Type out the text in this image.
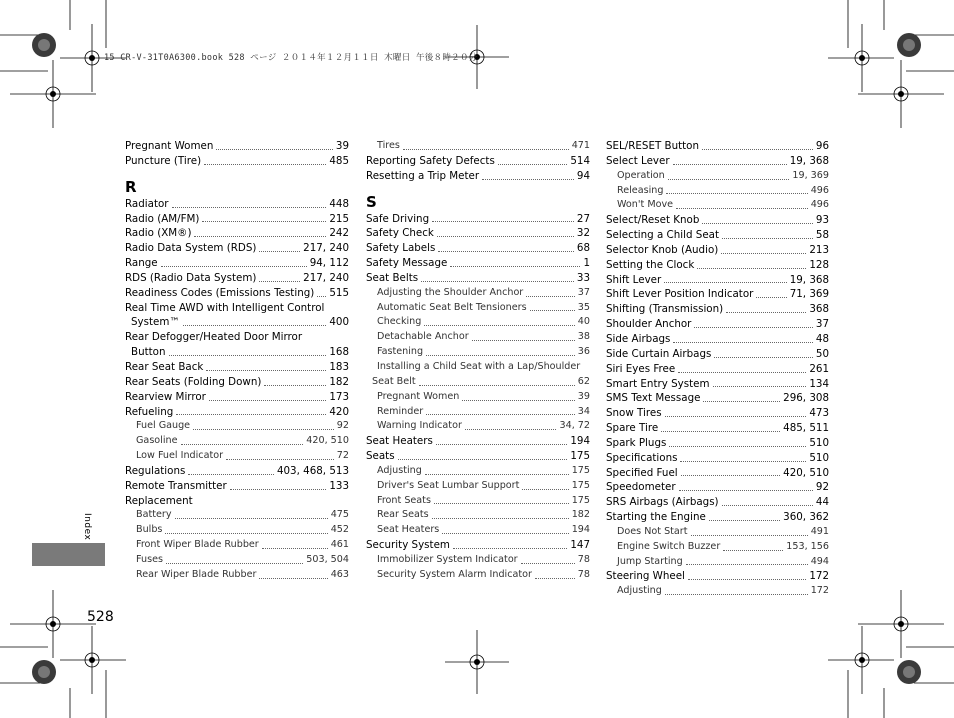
15 CR-V-31T0A6300.book 528 ページ ２０１４年１２月１１日 木曜日 午後８時２０分
Pregnant Women	39
Puncture (Tire)	485
R
Radiator	448
Radio (AM/FM)	215
Radio (XM®)	242
Radio Data System (RDS)	217, 240
Range	94, 112
RDS (Radio Data System)	217, 240
Readiness Codes (Emissions Testing) 515
Real Time AWD with Intelligent Control
System™	400
Rear Defogger/Heated Door Mirror
Button	168
Rear Seat Back	183
Rear Seats (Folding Down)	182
Rearview Mirror	173
Refueling	420
Fuel Gauge	92
Gasoline	420, 510
Low Fuel Indicator	72
Regulations	403, 468, 513
Remote Transmitter	133
Replacement
Battery	475
Bulbs	452
Front Wiper Blade Rubber	461
Fuses	503, 504
Rear Wiper Blade Rubber	463
Tires	471
Reporting Safety Defects	514
Resetting a Trip Meter	94
S
Safe Driving	27
Safety Check	32
Safety Labels	68
Safety Message	1
Seat Belts	33
Adjusting the Shoulder Anchor	37
Automatic Seat Belt Tensioners	35
Checking	40
Detachable Anchor	38
Fastening	36
Installing a Child Seat with a Lap/Shoulder
Seat Belt	62
Pregnant Women	39
Reminder	34
Warning Indicator	34, 72
Seat Heaters	194
Seats	175
Adjusting	175
Driver's Seat Lumbar Support	175
Front Seats	175
Rear Seats	182
Seat Heaters	194
Security System	147
Immobilizer System Indicator	78
Security System Alarm Indicator	78
SEL/RESET Button	96
Select Lever	19, 368
Operation	19, 369
Releasing	496
Won't Move	496
Select/Reset Knob	93
Selecting a Child Seat	58
Selector Knob (Audio)	213
Setting the Clock	128
Shift Lever	19, 368
Shift Lever Position Indicator	71, 369
Shifting (Transmission)	368
Shoulder Anchor	37
Side Airbags	48
Side Curtain Airbags	50
Siri Eyes Free	261
Smart Entry System	134
SMS Text Message	296, 308
Snow Tires	473
Spare Tire	485, 511
Spark Plugs	510
Specifications	510
Specified Fuel	420, 510
Speedometer	92
SRS Airbags (Airbags)	44
Starting the Engine	360, 362
Does Not Start	491
Engine Switch Buzzer	153, 156
Jump Starting	494
Steering Wheel	172
Adjusting	172
Index
528
